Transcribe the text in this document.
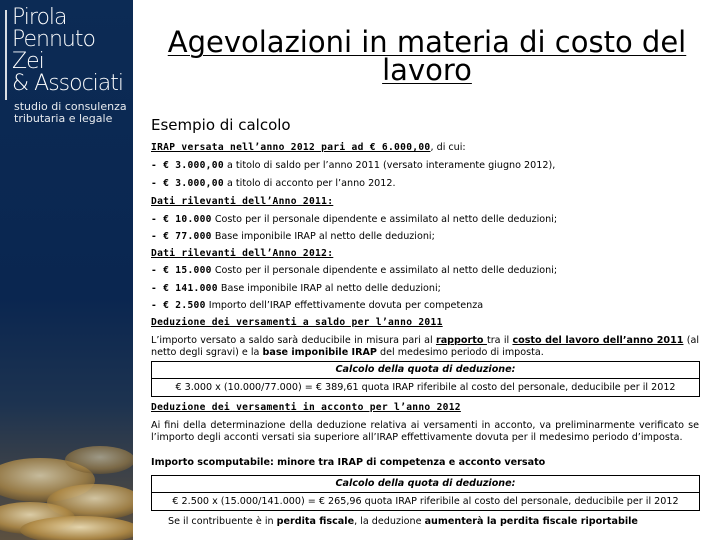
Pirola
Pennuto
Zei
& Associati
studio di consulenza
tributaria e legale
Agevolazioni in materia di costo del
lavoro
Esempio di calcolo
IRAP versata nell’anno 2012 pari ad € 6.000,00, di cui:
- € 3.000,00 a titolo di saldo per l’anno 2011 (versato interamente giugno 2012),
- € 3.000,00 a titolo di acconto per l’anno 2012.
Dati rilevanti dell’Anno 2011:
- € 10.000 Costo per il personale dipendente e assimilato al netto delle deduzioni;
- € 77.000 Base imponibile IRAP al netto delle deduzioni;
Dati rilevanti dell’Anno 2012:
- € 15.000 Costo per il personale dipendente e assimilato al netto delle deduzioni;
- € 141.000 Base imponibile IRAP al netto delle deduzioni;
- € 2.500 Importo dell’IRAP effettivamente dovuta per competenza
Deduzione dei versamenti a saldo per l’anno 2011
L’importo versato a saldo sarà deducibile in misura pari al rapporto tra il costo del lavoro dell’anno 2011 (al netto degli sgravi) e la base imponibile IRAP del medesimo periodo di imposta.
Calcolo della quota di deduzione:
€ 3.000 x (10.000/77.000) = € 389,61 quota IRAP riferibile al costo del personale, deducibile per il 2012
Deduzione dei versamenti in acconto per l’anno 2012
Ai fini della determinazione della deduzione relativa ai versamenti in acconto, va preliminarmente verificato se l’importo degli acconti versati sia superiore all’IRAP effettivamente dovuta per il medesimo periodo d’imposta.
Importo scomputabile: minore tra IRAP di competenza e acconto versato
Calcolo della quota di deduzione:
€ 2.500 x (15.000/141.000) = € 265,96 quota IRAP riferibile al costo del personale, deducibile per il 2012
Se il contribuente è in perdita fiscale, la deduzione aumenterà la perdita fiscale riportabile
